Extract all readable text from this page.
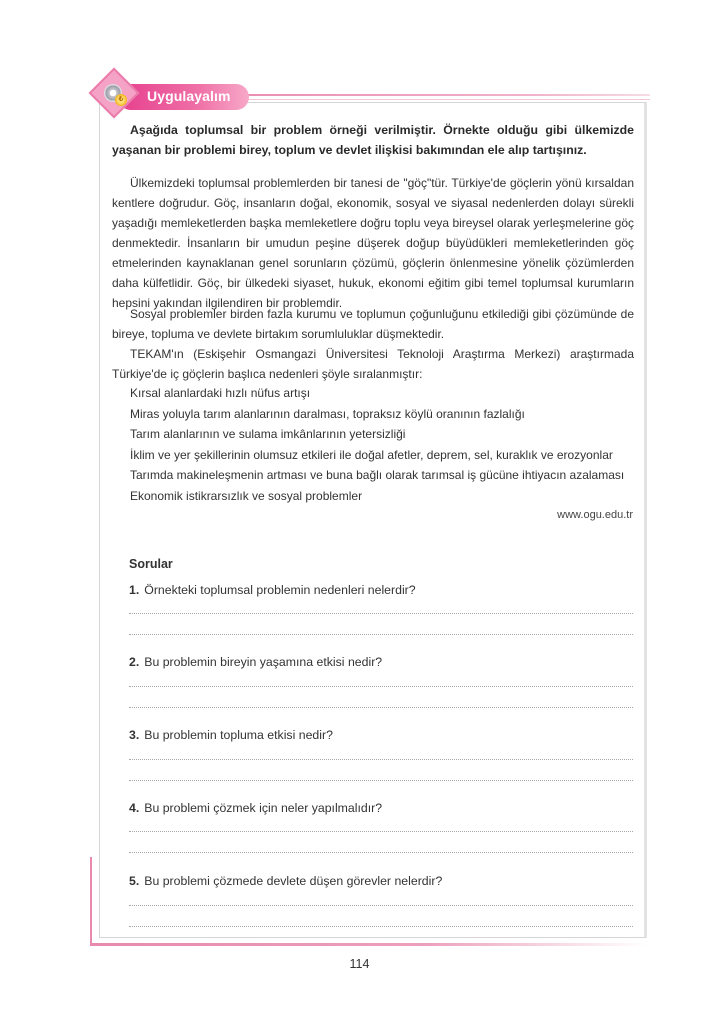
₺ Uygulayalım
Aşağıda toplumsal bir problem örneği verilmiştir. Örnekte olduğu gibi ülkemizde yaşanan bir problemi birey, toplum ve devlet ilişkisi bakımından ele alıp tartışınız.
Ülkemizdeki toplumsal problemlerden bir tanesi de "göç"tür. Türkiye'de göçlerin yönü kırsaldan kentlere doğrudur. Göç, insanların doğal, ekonomik, sosyal ve siyasal nedenlerden dolayı sürekli yaşadığı memleketlerden başka memleketlere doğru toplu veya bireysel olarak yerleşmelerine göç denmektedir. İnsanların bir umudun peşine düşerek doğup büyüdükleri memleketlerinden göç etmelerinden kaynaklanan genel sorunların çözümü, göçlerin önlenmesine yönelik çözümlerden daha külfetlidir. Göç, bir ülkedeki siyaset, hukuk, ekonomi eğitim gibi temel toplumsal kurumların hepsini yakından ilgilendiren bir problemdir.
Sosyal problemler birden fazla kurumu ve toplumun çoğunluğunu etkilediği gibi çözümünde de bireye, topluma ve devlete birtakım sorumluluklar düşmektedir.
TEKAM'ın (Eskişehir Osmangazi Üniversitesi Teknoloji Araştırma Merkezi) araştırmada Türkiye'de iç göçlerin başlıca nedenleri şöyle sıralanmıştır:
Kırsal alanlardaki hızlı nüfus artışı
Miras yoluyla tarım alanlarının daralması, topraksız köylü oranının fazlalığı
Tarım alanlarının ve sulama imkânlarının yetersizliği
İklim ve yer şekillerinin olumsuz etkileri ile doğal afetler, deprem, sel, kuraklık ve erozyonlar
Tarımda makineleşmenin artması ve buna bağlı olarak tarımsal iş gücüne ihtiyacın azalaması
Ekonomik istikrarsızlık ve sosyal problemler
www.ogu.edu.tr
Sorular
1. Örnekteki toplumsal problemin nedenleri nelerdir?
2. Bu problemin bireyin yaşamına etkisi nedir?
3. Bu problemin topluma etkisi nedir?
4. Bu problemi çözmek için neler yapılmalıdır?
5. Bu problemi çözmede devlete düşen görevler nelerdir?
114
